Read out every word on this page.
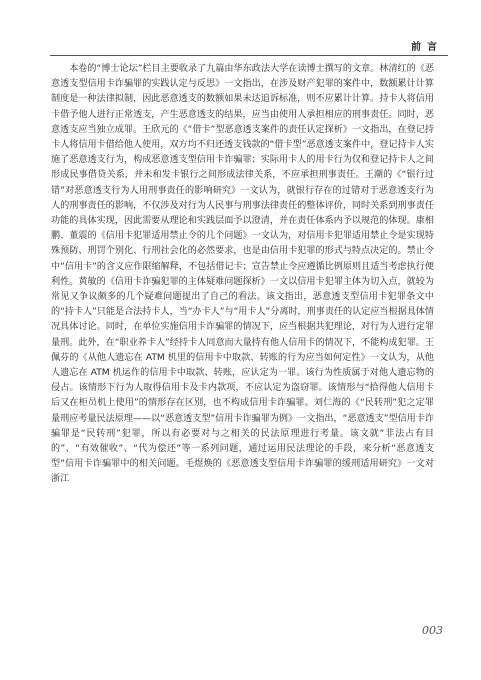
前言

本卷的“博士论坛”栏目主要收录了九篇由华东政法大学在读博士撰写的文章。林清红的《恶意透支型信用卡诈骗罪的实践认定与反思》一文指出，在涉及财产犯罪的案件中，数额累计计算制度是一种法律拟制，因此恶意透支的数额如果未达追诉标准，则不应累计计算。持卡人将信用卡借予他人进行正常透支，产生恶意透支的结果，应当由使用人承担相应的刑事责任。同时，恶意透支应当独立成罪。王欣元的《“借卡”型恶意透支案件的责任认定探析》一文指出，在登记持卡人将信用卡借给他人使用，双方均不归还透支钱款的“借卡型”恶意透支案件中，登记持卡人实施了恶意透支行为，构成恶意透支型信用卡诈骗罪；实际用卡人的用卡行为仅和登记持卡人之间形成民事借贷关系，并未和发卡银行之间形成法律关系，不应承担刑事责任。王潮的《“银行过错”对恶意透支行为人用刑事责任的影响研究》一文认为，就银行存在的过错对于恶意透支行为人的刑事责任的影响，不仅涉及对行为人民事与刑事法律责任的整体评价，同时关系到刑事责任功能的具体实现，因此需要从理论和实践层面予以澄清，并在责任体系内予以规范的体现。康相鹏、董震的《信用卡犯罪适用禁止令的几个问题》一文认为，对信用卡犯罪适用禁止令是实现特殊预防、刑罚个别化、行刑社会化的必然要求，也是由信用卡犯罪的形式与特点决定的。禁止令中“信用卡”的含义应作限缩解释，不包括借记卡；宣告禁止令应遵循比例原则且适当考虑执行便利性。黄敏的《信用卡诈骗犯罪的主体疑难问题探析》一文以信用卡犯罪主体为切入点，就较为常见又争议颇多的几个疑难问题提出了自己的看法。该文指出，恶意透支型信用卡犯罪条文中的“持卡人”只能是合法持卡人，当“办卡人”与“用卡人”分离时，刑事责任的认定应当根据具体情况具体讨论。同时，在单位实施信用卡诈骗罪的情况下，应当根据共犯理论，对行为人进行定罪量刑。此外，在“职业养卡人”经持卡人同意而大量持有他人信用卡的情况下，不能构成犯罪。王佩芬的《从他人遗忘在 ATM 机里的信用卡中取款、转账的行为应当如何定性》一文认为，从他人遗忘在 ATM 机运作的信用卡中取款、转账，应认定为一罪。该行为性质属于对他人遗忘物的侵占。该情形下行为人取得信用卡及卡内款项，不应认定为盗窃罪。该情形与“拾得他人信用卡后又在柜员机上使用”的情形存在区别，也不构成信用卡诈骗罪。刘仁海的《“民转刑”犯之定罪量刑应考量民法原理——以“恶意透支型”信用卡诈骗罪为例》一文指出，“恶意透支”型信用卡诈骗罪是“民转刑”犯罪，所以有必要对与之相关的民法原理进行考量。该文就“非法占有目的”、“有效催收”、“代为偿还”等一系列问题，通过运用民法理论的手段，来分析“恶意透支型”信用卡诈骗罪中的相关问题。毛煜焕的《恶意透支型信用卡诈骗罪的缓刑适用研究》一文对浙江

003
